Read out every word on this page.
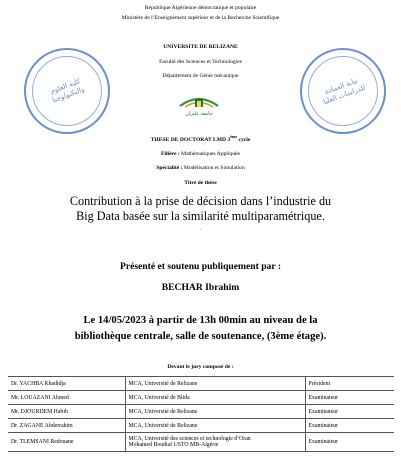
République Algérienne démocratique et populaire
Ministère de l’Enseignement supérieur et de la Recherche Scientifique
كلية العلوم والتكنولوجيا	نيابة العمادة للدراسات العليا
UNIVERSITE DE RELIZANE
Faculté des Sciences et Technologies
Département de Génie mécanique
جامعة غليزان
THESE DE DOCTORAT LMD 3ème cycle
Filière : Mathématiques Appliquée
Spécialité : Modélisation et Simulation
Titre de thèse
Contribution à la prise de décision dans l’industrie du
Big Data basée sur la similarité multiparamétrique.
.
Présenté et soutenu publiquement par :
BECHAR Ibrahim
Le 14/05/2023 à partir de 13h 00min au niveau de la
bibliothèque centrale, salle de soutenance, (3ème étage).
Devant le jury composé de :
Dr. YACHBA Khadidja	MCA, Université de Relizane	Président
Mr. LOUAZANI Ahmed	MCA, Université de Blida	Examinateur
Mr. DJOURDEM Habib	MCA, Université de Relizane	Examinateur
Dr. ZAGANE Abderrahim	MCA, Université de Relizane	Examinateur
Dr. TLEMSANI Redouane	MCA, Université des sciences et technologie d’Oran
Mohamed Boudiaf USTO MB-Algérie	Examinateur
